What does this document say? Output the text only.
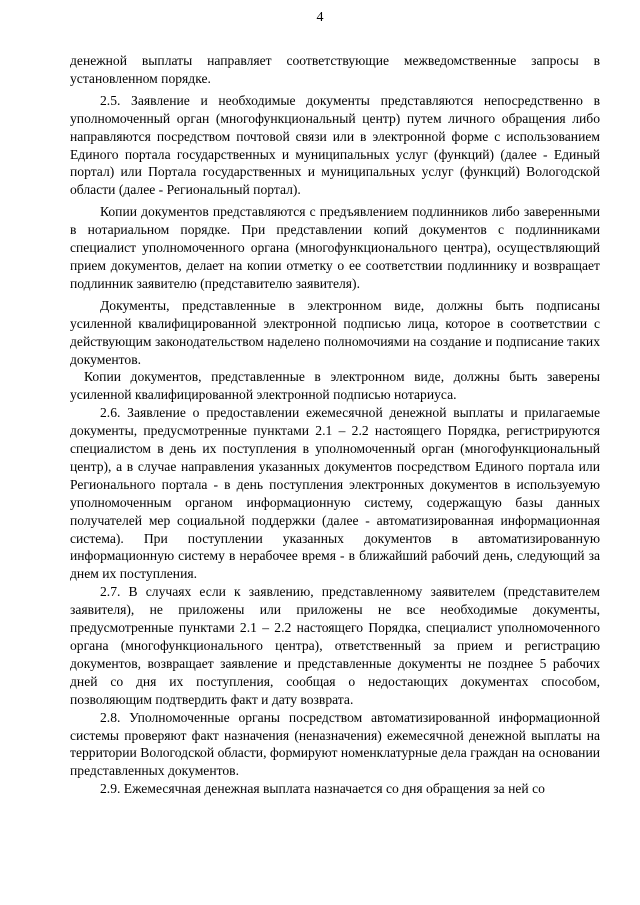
4

денежной выплаты направляет соответствующие межведомственные запросы в установленном порядке.

2.5. Заявление и необходимые документы представляются непосредственно в уполномоченный орган (многофункциональный центр) путем личного обращения либо направляются посредством почтовой связи или в электронной форме с использованием Единого портала государственных и муниципальных услуг (функций) (далее - Единый портал) или Портала государственных и муниципальных услуг (функций) Вологодской области (далее - Региональный портал).

Копии документов представляются с предъявлением подлинников либо заверенными в нотариальном порядке. При представлении копий документов с подлинниками специалист уполномоченного органа (многофункционального центра), осуществляющий прием документов, делает на копии отметку о ее соответствии подлиннику и возвращает подлинник заявителю (представителю заявителя).

Документы, представленные в электронном виде, должны быть подписаны усиленной квалифицированной электронной подписью лица, которое в соответствии с действующим законодательством наделено полномочиями на создание и подписание таких документов.

Копии документов, представленные в электронном виде, должны быть заверены усиленной квалифицированной электронной подписью нотариуса.

2.6. Заявление о предоставлении ежемесячной денежной выплаты и прилагаемые документы, предусмотренные пунктами 2.1 – 2.2 настоящего Порядка, регистрируются специалистом в день их поступления в уполномоченный орган (многофункциональный центр), а в случае направления указанных документов посредством Единого портала или Регионального портала - в день поступления электронных документов в используемую уполномоченным органом информационную систему, содержащую базы данных получателей мер социальной поддержки (далее - автоматизированная информационная система). При поступлении указанных документов в автоматизированную информационную систему в нерабочее время - в ближайший рабочий день, следующий за днем их поступления.

2.7. В случаях если к заявлению, представленному заявителем (представителем заявителя), не приложены или приложены не все необходимые документы, предусмотренные пунктами 2.1 – 2.2 настоящего Порядка, специалист уполномоченного органа (многофункционального центра), ответственный за прием и регистрацию документов, возвращает заявление и представленные документы не позднее 5 рабочих дней со дня их поступления, сообщая о недостающих документах способом, позволяющим подтвердить факт и дату возврата.

2.8. Уполномоченные органы посредством автоматизированной информационной системы проверяют факт назначения (неназначения) ежемесячной денежной выплаты на территории Вологодской области, формируют номенклатурные дела граждан на основании представленных документов.

2.9. Ежемесячная денежная выплата назначается со дня обращения за ней со
